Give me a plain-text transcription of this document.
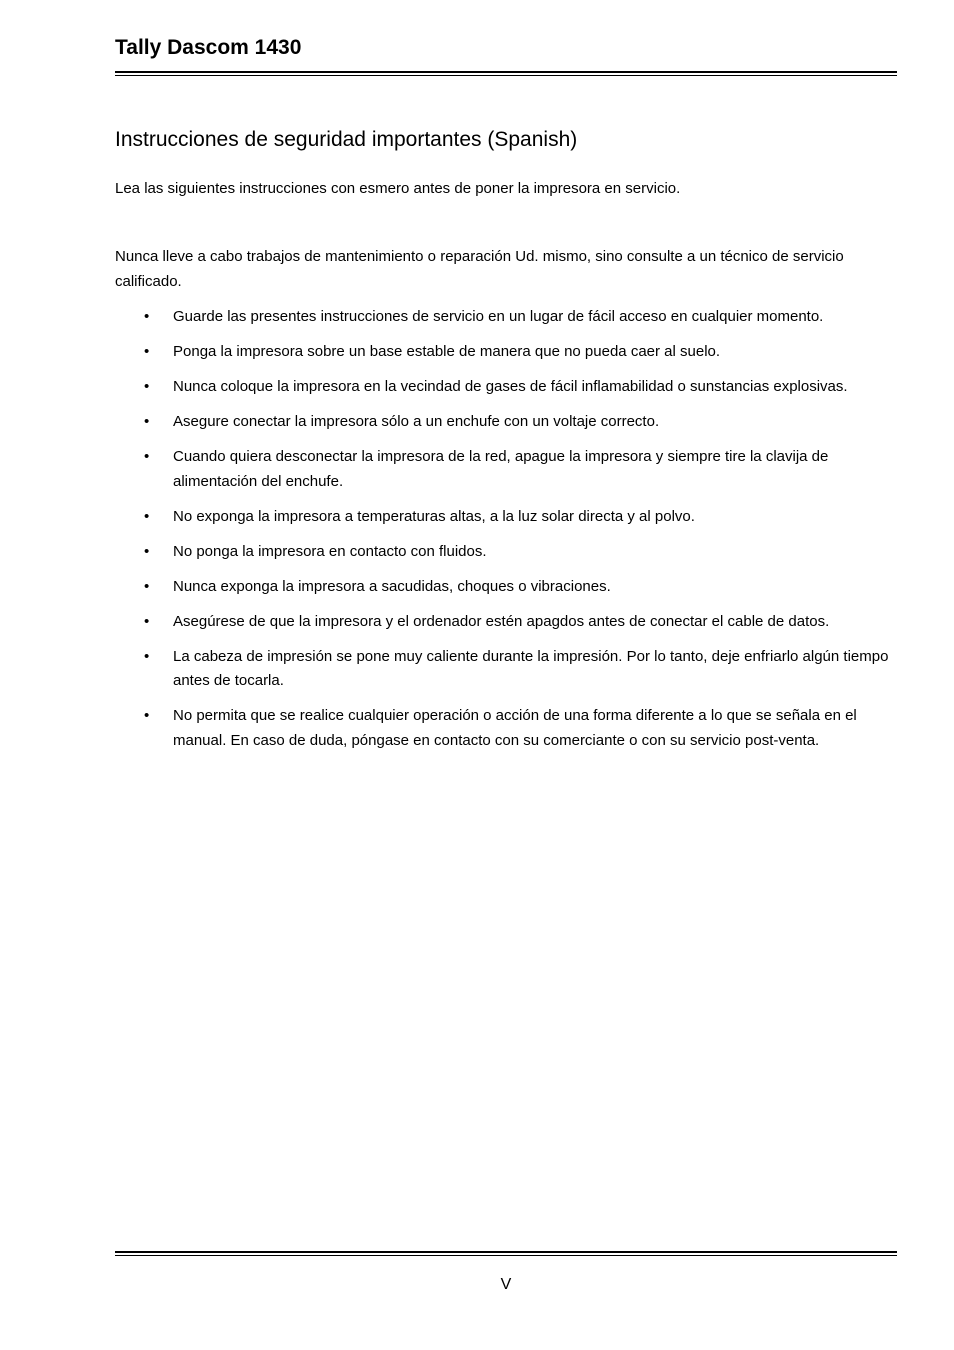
Tally Dascom 1430
Instrucciones de seguridad importantes (Spanish)

Lea las siguientes instrucciones con esmero antes de poner la impresora en servicio.

Nunca lleve a cabo trabajos de mantenimiento o reparación Ud. mismo, sino consulte a un técnico de servicio calificado.

• Guarde las presentes instrucciones de servicio en un lugar de fácil acceso en cualquier momento.
• Ponga la impresora sobre un base estable de manera que no pueda caer al suelo.
• Nunca coloque la impresora en la vecindad de gases de fácil inflamabilidad o sunstancias explosivas.
• Asegure conectar la impresora sólo a un enchufe con un voltaje correcto.
• Cuando quiera desconectar la impresora de la red, apague la impresora y siempre tire la clavija de alimentación del enchufe.
• No exponga la impresora a temperaturas altas, a la luz solar directa y al polvo.
• No ponga la impresora en contacto con fluidos.
• Nunca exponga la impresora a sacudidas, choques o vibraciones.
• Asegúrese de que la impresora y el ordenador estén apagdos antes de conectar el cable de datos.
• La cabeza de impresión se pone muy caliente durante la impresión. Por lo tanto, deje enfriarlo algún tiempo antes de tocarla.
• No permita que se realice cualquier operación o acción de una forma diferente a lo que se señala en el manual. En caso de duda, póngase en contacto con su comerciante o con su servicio post-venta.
V
